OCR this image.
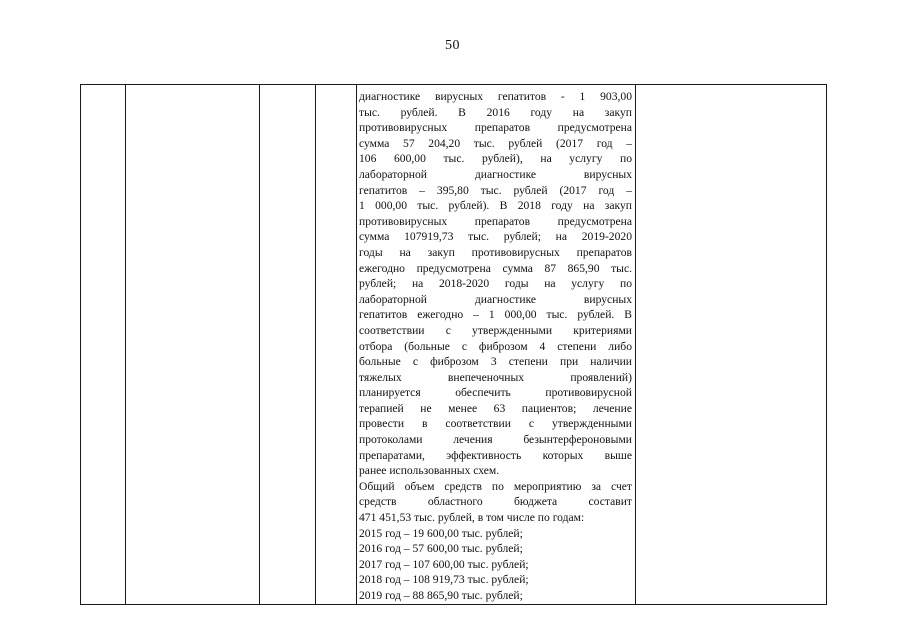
50

диагностике вирусных гепатитов - 1 903,00
тыс. рублей. В 2016 году на закуп
противовирусных препаратов предусмотрена
сумма 57 204,20 тыс. рублей (2017 год –
106 600,00 тыс. рублей), на услугу по
лабораторной диагностике вирусных
гепатитов – 395,80 тыс. рублей (2017 год –
1 000,00 тыс. рублей). В 2018 году на закуп
противовирусных препаратов предусмотрена
сумма 107919,73 тыс. рублей; на 2019-2020
годы на закуп противовирусных препаратов
ежегодно предусмотрена сумма 87 865,90 тыс.
рублей; на 2018-2020 годы на услугу по
лабораторной диагностике вирусных
гепатитов ежегодно – 1 000,00 тыс. рублей. В
соответствии с утвержденными критериями
отбора (больные с фиброзом 4 степени либо
больные с фиброзом 3 степени при наличии
тяжелых внепеченочных проявлений)
планируется обеспечить противовирусной
терапией не менее 63 пациентов; лечение
провести в соответствии с утвержденными
протоколами лечения безынтерфероновыми
препаратами, эффективность которых выше
ранее использованных схем.
Общий объем средств по мероприятию за счет
средств областного бюджета составит
471 451,53 тыс. рублей, в том числе по годам:
2015 год – 19 600,00 тыс. рублей;
2016 год – 57 600,00 тыс. рублей;
2017 год – 107 600,00 тыс. рублей;
2018 год – 108 919,73 тыс. рублей;
2019 год – 88 865,90 тыс. рублей;
